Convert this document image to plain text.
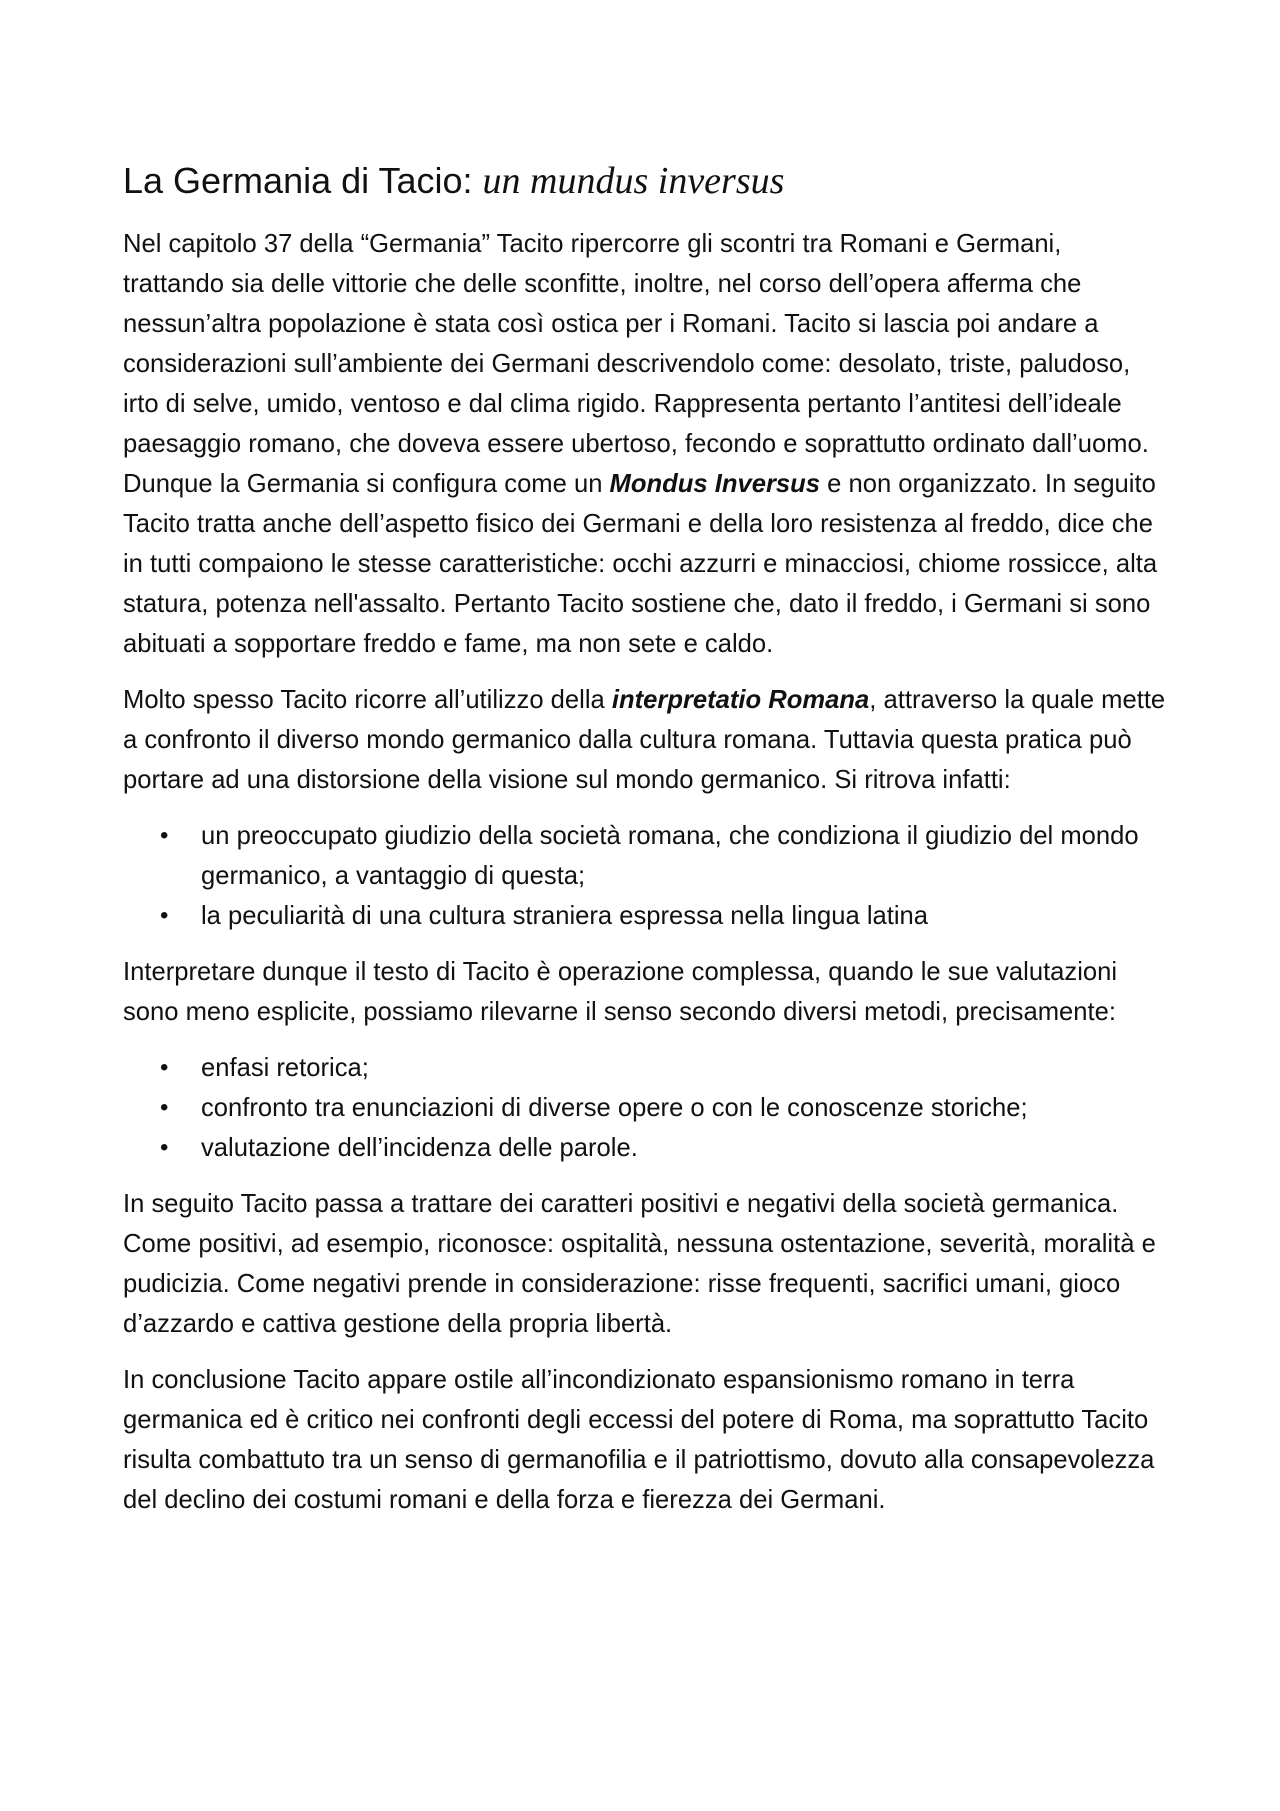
La Germania di Tacio: un mundus inversus

Nel capitolo 37 della “Germania” Tacito ripercorre gli scontri tra Romani e Germani, trattando sia delle vittorie che delle sconfitte, inoltre, nel corso dell’opera afferma che nessun’altra popolazione è stata così ostica per i Romani. Tacito si lascia poi andare a considerazioni sull’ambiente dei Germani descrivendolo come: desolato, triste, paludoso, irto di selve, umido, ventoso e dal clima rigido. Rappresenta pertanto l’antitesi dell’ideale paesaggio romano, che doveva essere ubertoso, fecondo e soprattutto ordinato dall’uomo. Dunque la Germania si configura come un Mondus Inversus e non organizzato. In seguito Tacito tratta anche dell’aspetto fisico dei Germani e della loro resistenza al freddo, dice che in tutti compaiono le stesse caratteristiche: occhi azzurri e minacciosi, chiome rossicce, alta statura, potenza nell'assalto. Pertanto Tacito sostiene che, dato il freddo, i Germani si sono abituati a sopportare freddo e fame, ma non sete e caldo.

Molto spesso Tacito ricorre all’utilizzo della interpretatio Romana, attraverso la quale mette a confronto il diverso mondo germanico dalla cultura romana. Tuttavia questa pratica può portare ad una distorsione della visione sul mondo germanico. Si ritrova infatti:

•	un preoccupato giudizio della società romana, che condiziona il giudizio del mondo germanico, a vantaggio di questa;
•	la peculiarità di una cultura straniera espressa nella lingua latina

Interpretare dunque il testo di Tacito è operazione complessa, quando le sue valutazioni sono meno esplicite, possiamo rilevarne il senso secondo diversi metodi, precisamente:

•	enfasi retorica;
•	confronto tra enunciazioni di diverse opere o con le conoscenze storiche;
•	valutazione dell’incidenza delle parole.

In seguito Tacito passa a trattare dei caratteri positivi e negativi della società germanica. Come positivi, ad esempio, riconosce: ospitalità, nessuna ostentazione, severità, moralità e pudicizia. Come negativi prende in considerazione: risse frequenti, sacrifici umani, gioco d’azzardo e cattiva gestione della propria libertà.

In conclusione Tacito appare ostile all’incondizionato espansionismo romano in terra germanica ed è critico nei confronti degli eccessi del potere di Roma, ma soprattutto Tacito risulta combattuto tra un senso di germanofilia e il patriottismo, dovuto alla consapevolezza del declino dei costumi romani e della forza e fierezza dei Germani.
